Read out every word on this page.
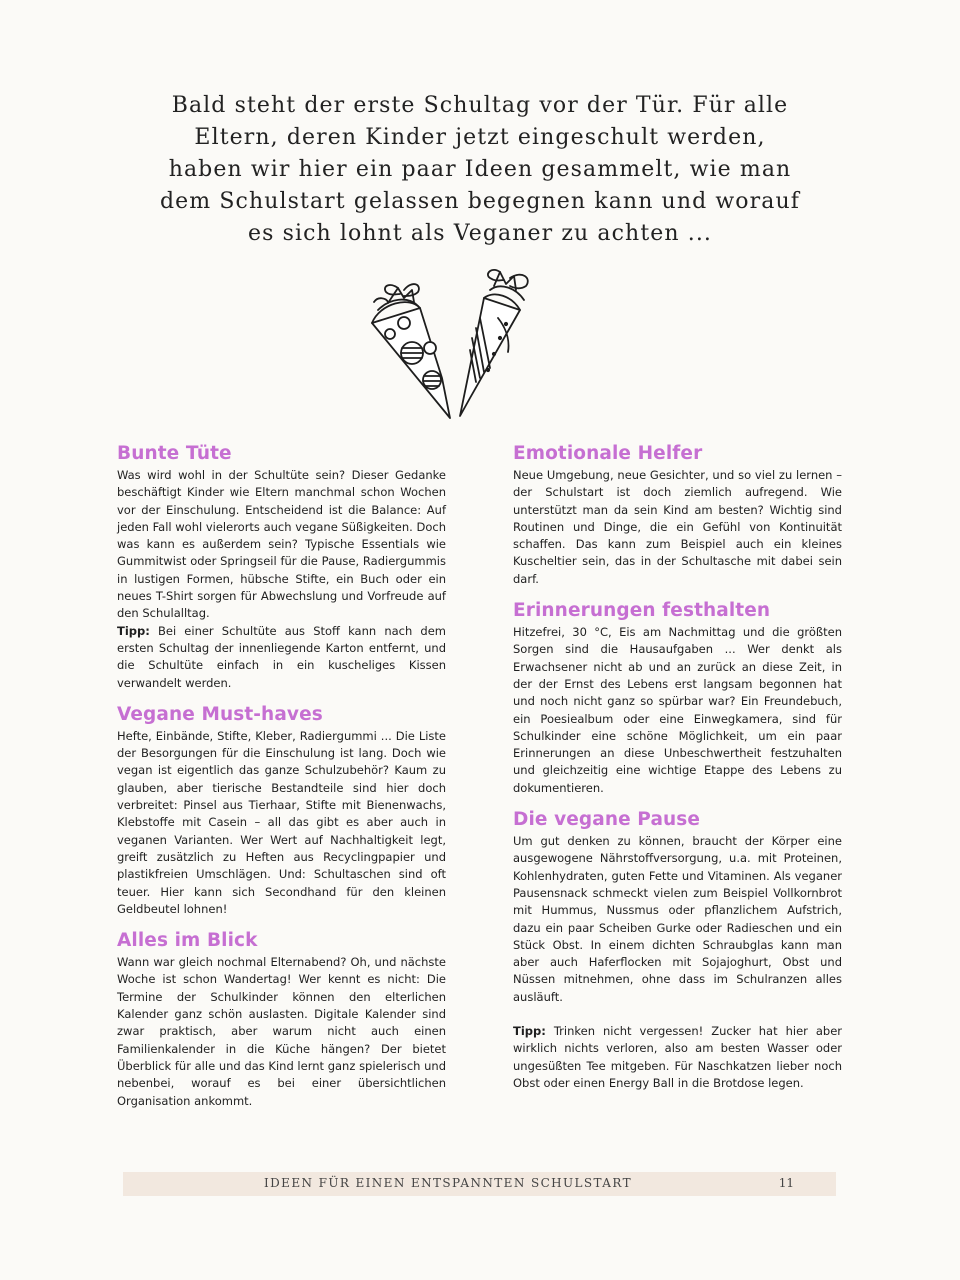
Bald steht der erste Schultag vor der Tür. Für alle
Eltern, deren Kinder jetzt eingeschult werden,
haben wir hier ein paar Ideen gesammelt, wie man
dem Schulstart gelassen begegnen kann und worauf
es sich lohnt als Veganer zu achten ...
Bunte Tüte

Was wird wohl in der Schultüte sein? Dieser Gedanke beschäftigt Kinder wie Eltern manchmal schon Wochen vor der Einschulung. Entscheidend ist die Balance: Auf jeden Fall wohl vielerorts auch vegane Süßigkeiten. Doch was kann es außerdem sein? Typische Essentials wie Gummitwist oder Springseil für die Pause, Radiergummis in lustigen Formen, hübsche Stifte, ein Buch oder ein neues T-Shirt sorgen für Abwechslung und Vorfreude auf den Schulalltag.

Tipp: Bei einer Schultüte aus Stoff kann nach dem ersten Schultag der innenliegende Karton entfernt, und die Schultüte einfach in ein kuscheliges Kissen verwandelt werden.

Vegane Must-haves

Hefte, Einbände, Stifte, Kleber, Radiergummi ... Die Liste der Besorgungen für die Einschulung ist lang. Doch wie vegan ist eigentlich das ganze Schulzubehör? Kaum zu glauben, aber tierische Bestandteile sind hier doch verbreitet: Pinsel aus Tierhaar, Stifte mit Bienenwachs, Klebstoffe mit Casein – all das gibt es aber auch in veganen Varianten. Wer Wert auf Nachhaltigkeit legt, greift zusätzlich zu Heften aus Recyclingpapier und plastikfreien Umschlägen. Und: Schultaschen sind oft teuer. Hier kann sich Secondhand für den kleinen Geldbeutel lohnen!

Alles im Blick

Wann war gleich nochmal Elternabend? Oh, und nächste Woche ist schon Wandertag! Wer kennt es nicht: Die Termine der Schulkinder können den elterlichen Kalender ganz schön auslasten. Digitale Kalender sind zwar praktisch, aber warum nicht auch einen Familienkalender in die Küche hängen? Der bietet Überblick für alle und das Kind lernt ganz spielerisch und nebenbei, worauf es bei einer übersichtlichen Organisation ankommt.

Emotionale Helfer

Neue Umgebung, neue Gesichter, und so viel zu lernen – der Schulstart ist doch ziemlich aufregend. Wie unterstützt man da sein Kind am besten? Wichtig sind Routinen und Dinge, die ein Gefühl von Kontinuität schaffen. Das kann zum Beispiel auch ein kleines Kuscheltier sein, das in der Schultasche mit dabei sein darf.

Erinnerungen festhalten

Hitzefrei, 30 °C, Eis am Nachmittag und die größten Sorgen sind die Hausaufgaben ... Wer denkt als Erwachsener nicht ab und an zurück an diese Zeit, in der der Ernst des Lebens erst langsam begonnen hat und noch nicht ganz so spürbar war? Ein Freundebuch, ein Poesiealbum oder eine Einwegkamera, sind für Schulkinder eine schöne Möglichkeit, um ein paar Erinnerungen an diese Unbeschwertheit festzuhalten und gleichzeitig eine wichtige Etappe des Lebens zu dokumentieren.

Die vegane Pause

Um gut denken zu können, braucht der Körper eine ausgewogene Nährstoffversorgung, u.a. mit Proteinen, Kohlenhydraten, guten Fette und Vitaminen. Als veganer Pausensnack schmeckt vielen zum Beispiel Vollkornbrot mit Hummus, Nussmus oder pflanzlichem Aufstrich, dazu ein paar Scheiben Gurke oder Radieschen und ein Stück Obst. In einem dichten Schraubglas kann man aber auch Haferflocken mit Sojajoghurt, Obst und Nüssen mitnehmen, ohne dass im Schulranzen alles ausläuft.

Tipp: Trinken nicht vergessen! Zucker hat hier aber wirklich nichts verloren, also am besten Wasser oder ungesüßten Tee mitgeben. Für Naschkatzen lieber noch Obst oder einen Energy Ball in die Brotdose legen.

IDEEN FÜR EINEN ENTSPANNTEN SCHULSTART	11
